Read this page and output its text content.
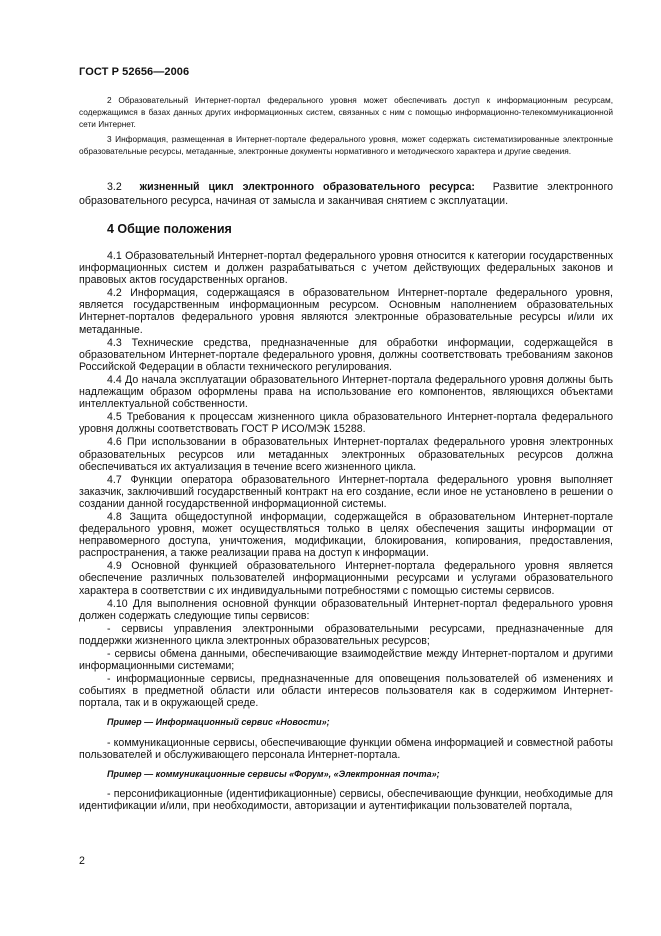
ГОСТ Р 52656—2006

2 Образовательный Интернет-портал федерального уровня может обеспечивать доступ к информационным ресурсам, содержащимся в базах данных других информационных систем, связанных с ним с помощью информационно-телекоммуникационной сети Интернет.

3 Информация, размещенная в Интернет-портале федерального уровня, может содержать систематизированные электронные образовательные ресурсы, метаданные, электронные документы нормативного и методического характера и другие сведения.

3.2 жизненный цикл электронного образовательного ресурса: Развитие электронного образовательного ресурса, начиная от замысла и заканчивая снятием с эксплуатации.

4 Общие положения

4.1 Образовательный Интернет-портал федерального уровня относится к категории государственных информационных систем и должен разрабатываться с учетом действующих федеральных законов и правовых актов государственных органов.

4.2 Информация, содержащаяся в образовательном Интернет-портале федерального уровня, является государственным информационным ресурсом. Основным наполнением образовательных Интернет-порталов федерального уровня являются электронные образовательные ресурсы и/или их метаданные.

4.3 Технические средства, предназначенные для обработки информации, содержащейся в образовательном Интернет-портале федерального уровня, должны соответствовать требованиям законов Российской Федерации в области технического регулирования.

4.4 До начала эксплуатации образовательного Интернет-портала федерального уровня должны быть надлежащим образом оформлены права на использование его компонентов, являющихся объектами интеллектуальной собственности.

4.5 Требования к процессам жизненного цикла образовательного Интернет-портала федерального уровня должны соответствовать ГОСТ Р ИСО/МЭК 15288.

4.6 При использовании в образовательных Интернет-порталах федерального уровня электронных образовательных ресурсов или метаданных электронных образовательных ресурсов должна обеспечиваться их актуализация в течение всего жизненного цикла.

4.7 Функции оператора образовательного Интернет-портала федерального уровня выполняет заказчик, заключивший государственный контракт на его создание, если иное не установлено в решении о создании данной государственной информационной системы.

4.8 Защита общедоступной информации, содержащейся в образовательном Интернет-портале федерального уровня, может осуществляться только в целях обеспечения защиты информации от неправомерного доступа, уничтожения, модификации, блокирования, копирования, предоставления, распространения, а также реализации права на доступ к информации.

4.9 Основной функцией образовательного Интернет-портала федерального уровня является обеспечение различных пользователей информационными ресурсами и услугами образовательного характера в соответствии с их индивидуальными потребностями с помощью системы сервисов.

4.10 Для выполнения основной функции образовательный Интернет-портал федерального уровня должен содержать следующие типы сервисов:

- сервисы управления электронными образовательными ресурсами, предназначенные для поддержки жизненного цикла электронных образовательных ресурсов;

- сервисы обмена данными, обеспечивающие взаимодействие между Интернет-порталом и другими информационными системами;

- информационные сервисы, предназначенные для оповещения пользователей об изменениях и событиях в предметной области или области интересов пользователя как в содержимом Интернет-портала, так и в окружающей среде.

Пример — Информационный сервис «Новости»;

- коммуникационные сервисы, обеспечивающие функции обмена информацией и совместной работы пользователей и обслуживающего персонала Интернет-портала.

Пример — коммуникационные сервисы «Форум», «Электронная почта»;

- персонификационные (идентификационные) сервисы, обеспечивающие функции, необходимые для идентификации и/или, при необходимости, авторизации и аутентификации пользователей портала,

2
